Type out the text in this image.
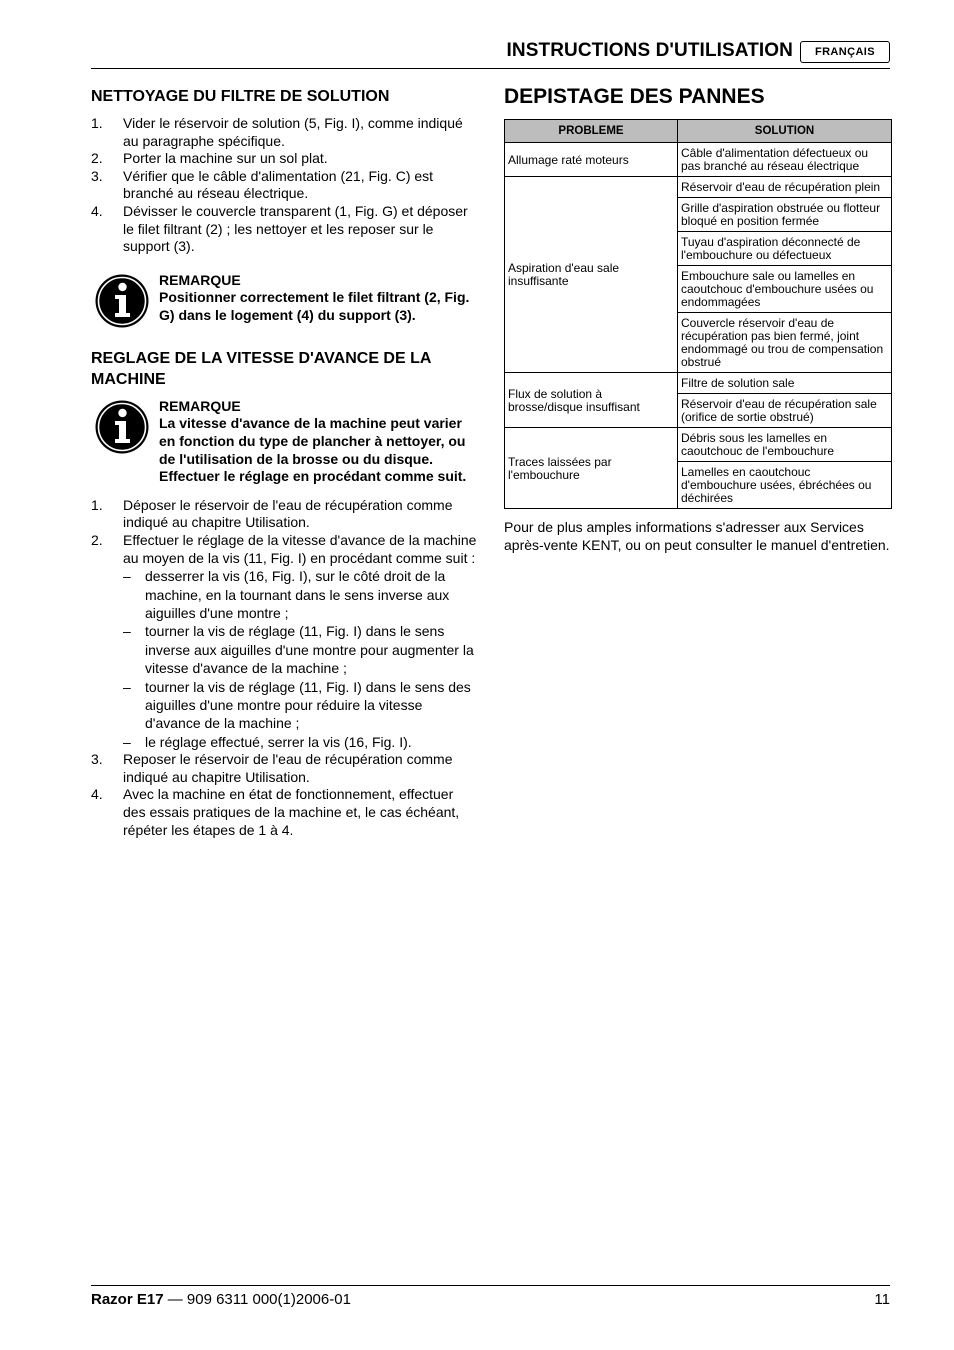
INSTRUCTIONS D'UTILISATION	FRANÇAIS
NETTOYAGE DU FILTRE DE SOLUTION
1. Vider le réservoir de solution (5, Fig. I), comme indiqué au paragraphe spécifique.
2. Porter la machine sur un sol plat.
3. Vérifier que le câble d'alimentation (21, Fig. C) est branché au réseau électrique.
4. Dévisser le couvercle transparent (1, Fig. G) et déposer le filet filtrant (2) ; les nettoyer et les reposer sur le support (3).
REMARQUE
Positionner correctement le filet filtrant (2, Fig. G) dans le logement (4) du support (3).
REGLAGE DE LA VITESSE D'AVANCE DE LA MACHINE
REMARQUE
La vitesse d'avance de la machine peut varier en fonction du type de plancher à nettoyer, ou de l'utilisation de la brosse ou du disque. Effectuer le réglage en procédant comme suit.
1. Déposer le réservoir de l'eau de récupération comme indiqué au chapitre Utilisation.
2. Effectuer le réglage de la vitesse d'avance de la machine au moyen de la vis (11, Fig. I) en procédant comme suit :
– desserrer la vis (16, Fig. I), sur le côté droit de la machine, en la tournant dans le sens inverse aux aiguilles d'une montre ;
– tourner la vis de réglage (11, Fig. I) dans le sens inverse aux aiguilles d'une montre pour augmenter la vitesse d'avance de la machine ;
– tourner la vis de réglage (11, Fig. I) dans le sens des aiguilles d'une montre pour réduire la vitesse d'avance de la machine ;
– le réglage effectué, serrer la vis (16, Fig. I).
3. Reposer le réservoir de l'eau de récupération comme indiqué au chapitre Utilisation.
4. Avec la machine en état de fonctionnement, effectuer des essais pratiques de la machine et, le cas échéant, répéter les étapes de 1 à 4.
DEPISTAGE DES PANNES
PROBLEME	SOLUTION
Allumage raté moteurs	Câble d'alimentation défectueux ou pas branché au réseau électrique
Aspiration d'eau sale insuffisante	Réservoir d'eau de récupération plein
	Grille d'aspiration obstruée ou flotteur bloqué en position fermée
	Tuyau d'aspiration déconnecté de l'embouchure ou défectueux
	Embouchure sale ou lamelles en caoutchouc d'embouchure usées ou endommagées
	Couvercle réservoir d'eau de récupération pas bien fermé, joint endommagé ou trou de compensation obstrué
Flux de solution à brosse/disque insuffisant	Filtre de solution sale
	Réservoir d'eau de récupération sale (orifice de sortie obstrué)
Traces laissées par l'embouchure	Débris sous les lamelles en caoutchouc de l'embouchure
	Lamelles en caoutchouc d'embouchure usées, ébréchées ou déchirées
Pour de plus amples informations s'adresser aux Services après-vente KENT, ou on peut consulter le manuel d'entretien.
Razor E17 — 909 6311 000(1)2006-01	11
